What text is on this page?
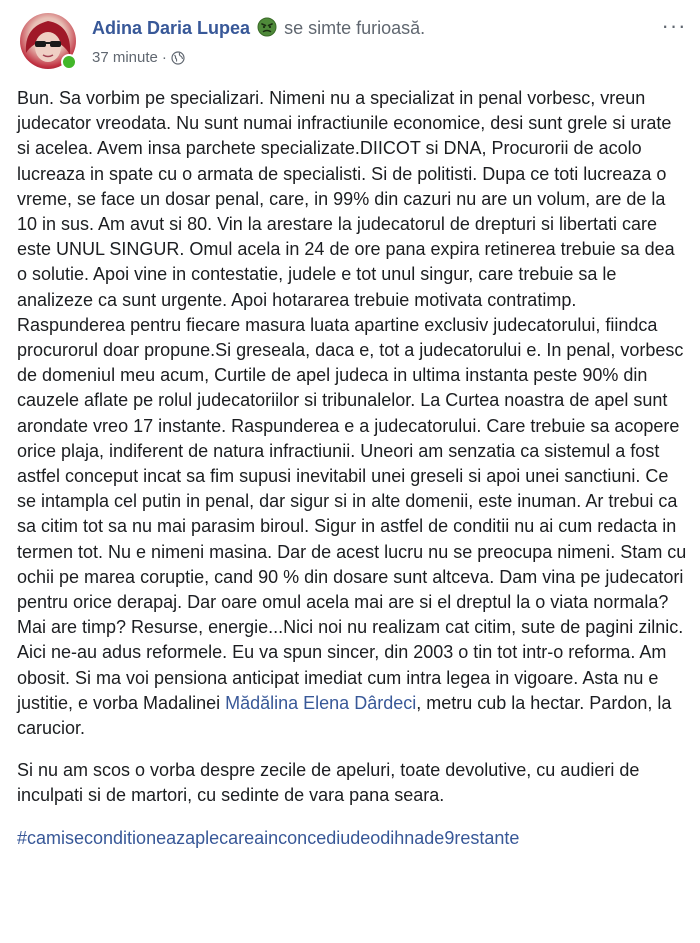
Adina Daria Lupea se simte furioasă.
37 minute ·
···

Bun. Sa vorbim pe specializari. Nimeni nu a specializat in penal vorbesc, vreun judecator vreodata. Nu sunt numai infractiunile economice, desi sunt grele si urate si acelea. Avem insa parchete specializate.DIICOT si DNA, Procurorii de acolo lucreaza in spate cu o armata de specialisti. Si de politisti. Dupa ce toti lucreaza o vreme, se face un dosar penal, care, in 99% din cazuri nu are un volum, are de la 10 in sus. Am avut si 80. Vin la arestare la judecatorul de drepturi si libertati care este UNUL SINGUR. Omul acela in 24 de ore pana expira retinerea trebuie sa dea o solutie. Apoi vine in contestatie, judele e tot unul singur, care trebuie sa le analizeze ca sunt urgente. Apoi hotararea trebuie motivata contratimp. Raspunderea pentru fiecare masura luata apartine exclusiv judecatorului, fiindca procurorul doar propune.Si greseala, daca e, tot a judecatorului e. In penal, vorbesc de domeniul meu acum, Curtile de apel judeca in ultima instanta peste 90% din cauzele aflate pe rolul judecatoriilor si tribunalelor. La Curtea noastra de apel sunt arondate vreo 17 instante. Raspunderea e a judecatorului. Care trebuie sa acopere orice plaja, indiferent de natura infractiunii. Uneori am senzatia ca sistemul a fost astfel conceput incat sa fim supusi inevitabil unei greseli si apoi unei sanctiuni. Ce se intampla cel putin in penal, dar sigur si in alte domenii, este inuman. Ar trebui ca sa citim tot sa nu mai parasim biroul. Sigur in astfel de conditii nu ai cum redacta in termen tot. Nu e nimeni masina. Dar de acest lucru nu se preocupa nimeni. Stam cu ochii pe marea coruptie, cand 90 % din dosare sunt altceva. Dam vina pe judecatori pentru orice derapaj. Dar oare omul acela mai are si el dreptul la o viata normala? Mai are timp? Resurse, energie...Nici noi nu realizam cat citim, sute de pagini zilnic. Aici ne-au adus reformele. Eu va spun sincer, din 2003 o tin tot intr-o reforma. Am obosit. Si ma voi pensiona anticipat imediat cum intra legea in vigoare. Asta nu e justitie, e vorba Madalinei Mădălina Elena Dârdeci, metru cub la hectar. Pardon, la carucior.

Si nu am scos o vorba despre zecile de apeluri, toate devolutive, cu audieri de inculpati si de martori, cu sedinte de vara pana seara.

#camiseconditioneazaplecareainconcediudeodihnade9restante
